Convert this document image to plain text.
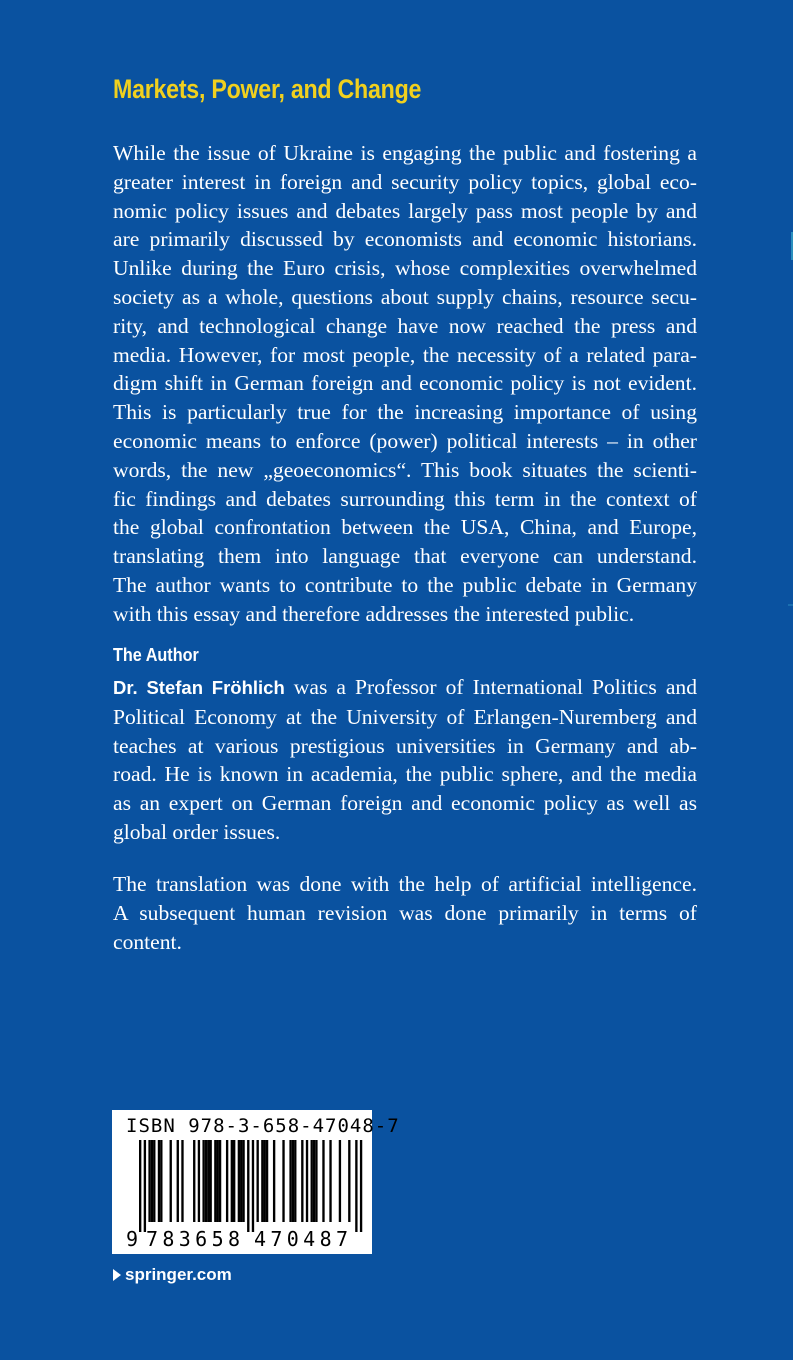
Markets, Power, and Change

While the issue of Ukraine is engaging the public and fostering a
greater interest in foreign and security policy topics, global eco-
nomic policy issues and debates largely pass most people by and
are primarily discussed by economists and economic historians.
Unlike during the Euro crisis, whose complexities overwhelmed
society as a whole, questions about supply chains, resource secu-
rity, and technological change have now reached the press and
media. However, for most people, the necessity of a related para-
digm shift in German foreign and economic policy is not evident.
This is particularly true for the increasing importance of using
economic means to enforce (power) political interests – in other
words, the new „geoeconomics“. This book situates the scienti-
fic findings and debates surrounding this term in the context of
the global confrontation between the USA, China, and Europe,
translating them into language that everyone can understand.
The author wants to contribute to the public debate in Germany
with this essay and therefore addresses the interested public.

The Author

Dr. Stefan Fröhlich was a Professor of International Politics and
Political Economy at the University of Erlangen-Nuremberg and
teaches at various prestigious universities in Germany and ab-
road. He is known in academia, the public sphere, and the media
as an expert on German foreign and economic policy as well as
global order issues.

The translation was done with the help of artificial intelligence.
A subsequent human revision was done primarily in terms of
content.

ISBN 978-3-658-47048-7
9 783658 470487
springer.com
